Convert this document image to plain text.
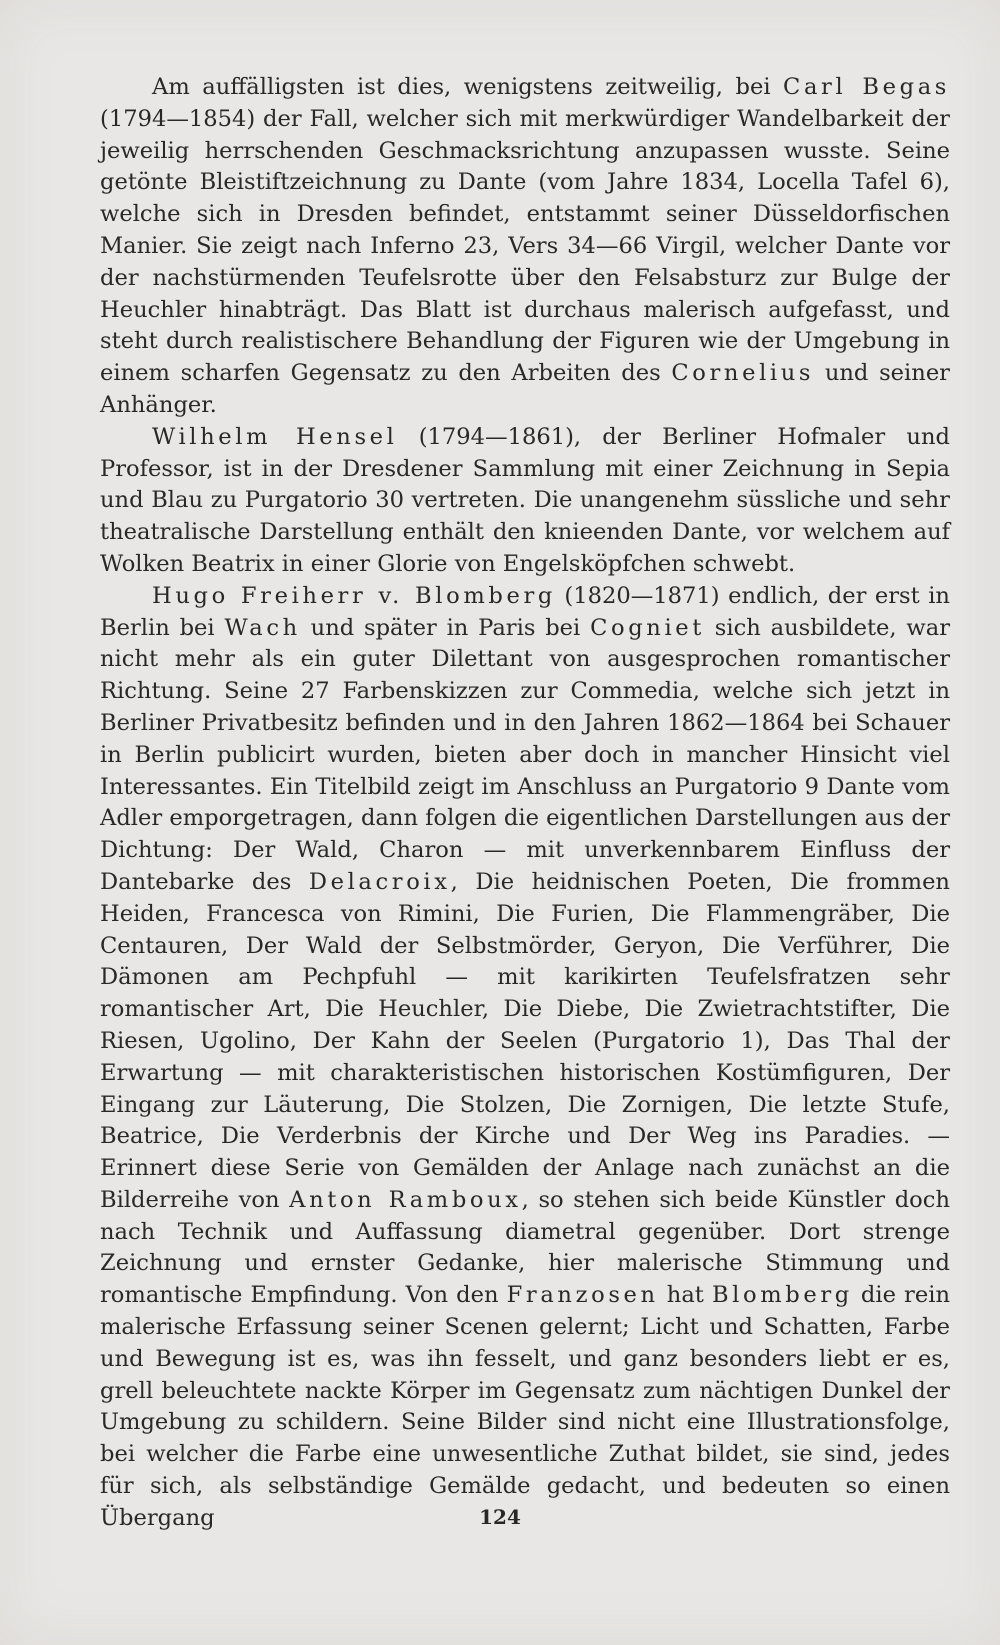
Am auffälligsten ist dies, wenigstens zeitweilig, bei Carl Begas (1794—1854) der Fall, welcher sich mit merkwürdiger Wandelbarkeit der jeweilig herrschenden Geschmacksrichtung anzupassen wusste. Seine getönte Bleistiftzeichnung zu Dante (vom Jahre 1834, Locella Tafel 6), welche sich in Dresden befindet, entstammt seiner Düsseldorfischen Manier. Sie zeigt nach Inferno 23, Vers 34—66 Virgil, welcher Dante vor der nachstürmenden Teufelsrotte über den Felsabsturz zur Bulge der Heuchler hinabträgt. Das Blatt ist durchaus malerisch aufgefasst, und steht durch realistischere Behandlung der Figuren wie der Umgebung in einem scharfen Gegensatz zu den Arbeiten des Cornelius und seiner Anhänger.

Wilhelm Hensel (1794—1861), der Berliner Hofmaler und Professor, ist in der Dresdener Sammlung mit einer Zeichnung in Sepia und Blau zu Purgatorio 30 vertreten. Die unangenehm süssliche und sehr theatralische Darstellung enthält den knieenden Dante, vor welchem auf Wolken Beatrix in einer Glorie von Engelsköpfchen schwebt.

Hugo Freiherr v. Blomberg (1820—1871) endlich, der erst in Berlin bei Wach und später in Paris bei Cogniet sich ausbildete, war nicht mehr als ein guter Dilettant von ausgesprochen romantischer Richtung. Seine 27 Farbenskizzen zur Commedia, welche sich jetzt in Berliner Privatbesitz befinden und in den Jahren 1862—1864 bei Schauer in Berlin publicirt wurden, bieten aber doch in mancher Hinsicht viel Interessantes. Ein Titelbild zeigt im Anschluss an Purgatorio 9 Dante vom Adler emporgetragen, dann folgen die eigentlichen Darstellungen aus der Dichtung: Der Wald, Charon — mit unverkennbarem Einfluss der Dantebarke des Delacroix, Die heidnischen Poeten, Die frommen Heiden, Francesca von Rimini, Die Furien, Die Flammengräber, Die Centauren, Der Wald der Selbstmörder, Geryon, Die Verführer, Die Dämonen am Pechpfuhl — mit karikirten Teufelsfratzen sehr romantischer Art, Die Heuchler, Die Diebe, Die Zwietrachtstifter, Die Riesen, Ugolino, Der Kahn der Seelen (Purgatorio 1), Das Thal der Erwartung — mit charakteristischen historischen Kostümfiguren, Der Eingang zur Läuterung, Die Stolzen, Die Zornigen, Die letzte Stufe, Beatrice, Die Verderbnis der Kirche und Der Weg ins Paradies. — Erinnert diese Serie von Gemälden der Anlage nach zunächst an die Bilderreihe von Anton Ramboux, so stehen sich beide Künstler doch nach Technik und Auffassung diametral gegenüber. Dort strenge Zeichnung und ernster Gedanke, hier malerische Stimmung und romantische Empfindung. Von den Franzosen hat Blomberg die rein malerische Erfassung seiner Scenen gelernt; Licht und Schatten, Farbe und Bewegung ist es, was ihn fesselt, und ganz besonders liebt er es, grell beleuchtete nackte Körper im Gegensatz zum nächtigen Dunkel der Umgebung zu schildern. Seine Bilder sind nicht eine Illustrationsfolge, bei welcher die Farbe eine unwesentliche Zuthat bildet, sie sind, jedes für sich, als selbständige Gemälde gedacht, und bedeuten so einen Übergang	124
